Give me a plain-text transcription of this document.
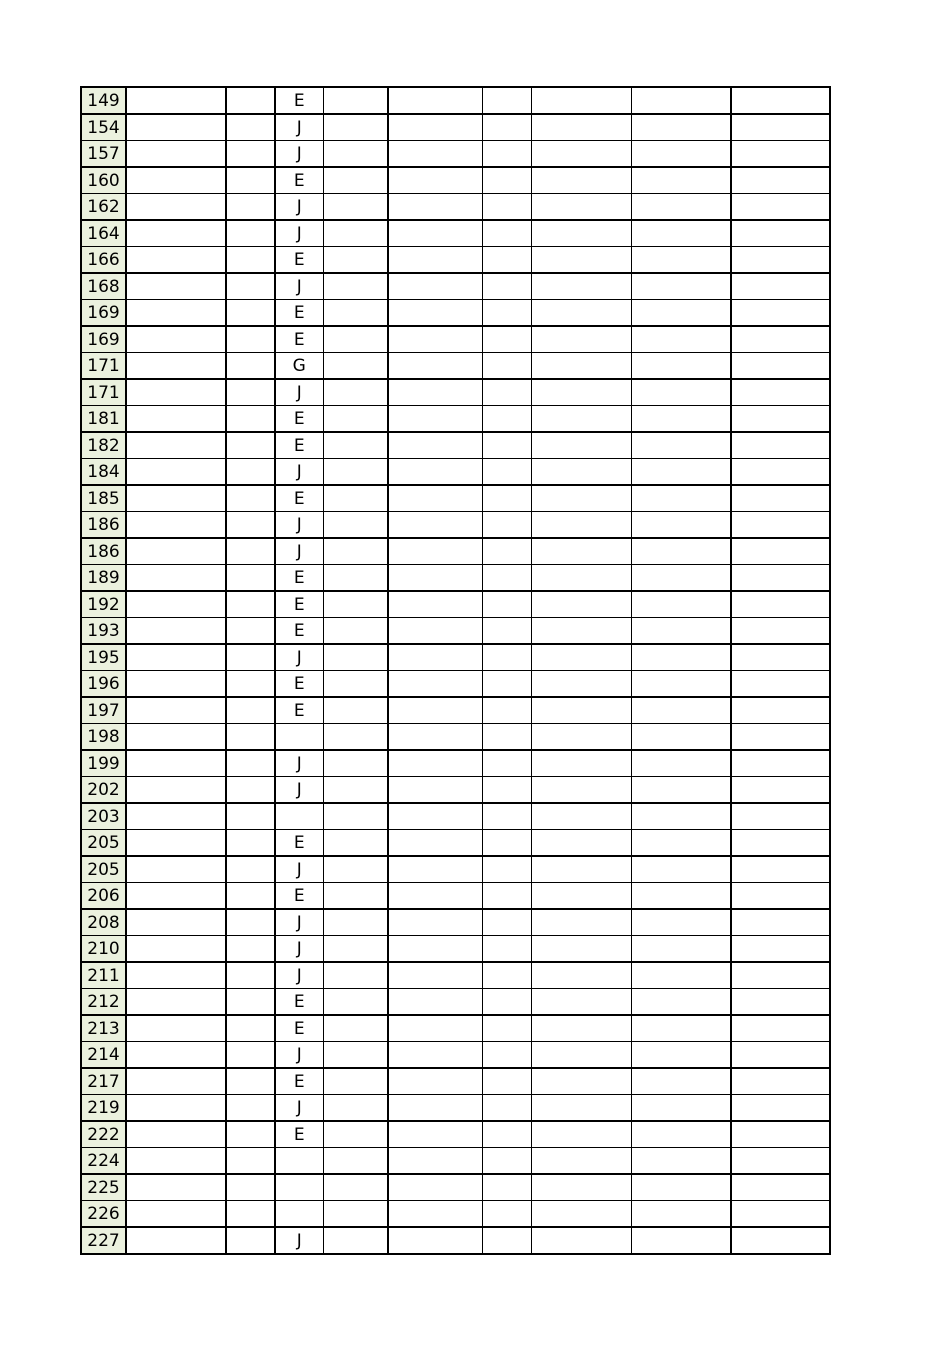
149			E						
154			J						
157			J						
160			E						
162			J						
164			J						
166			E						
168			J						
169			E						
169			E						
171			G						
171			J						
181			E						
182			E						
184			J						
185			E						
186			J						
186			J						
189			E						
192			E						
193			E						
195			J						
196			E						
197			E						
198									
199			J						
202			J						
203									
205			E						
205			J						
206			E						
208			J						
210			J						
211			J						
212			E						
213			E						
214			J						
217			E						
219			J						
222			E						
224									
225									
226									
227			J						
